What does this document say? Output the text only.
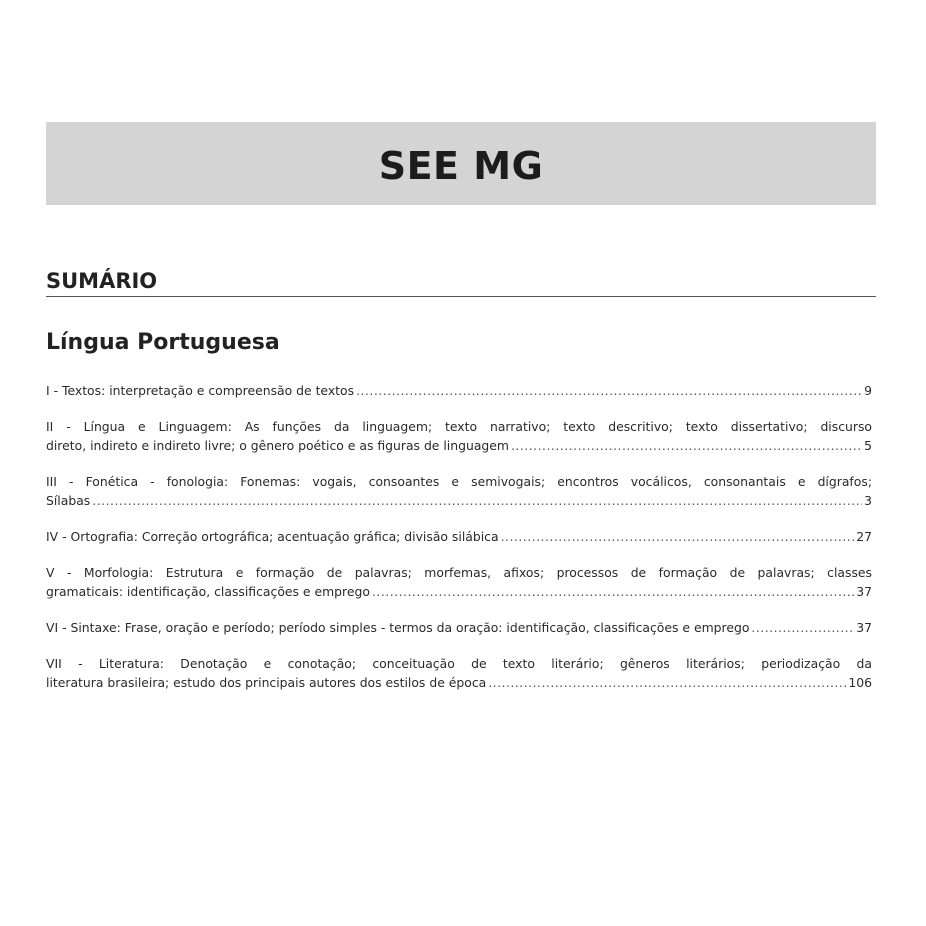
SEE MG
SUMÁRIO
Língua Portuguesa
I - Textos: interpretação e compreensão de textos .....	9
II - Língua e Linguagem: As funções da linguagem; texto narrativo; texto descritivo; texto dissertativo; discurso
direto, indireto e indireto livre; o gênero poético e as figuras de linguagem .....	5
III - Fonética - fonologia: Fonemas: vogais, consoantes e semivogais; encontros vocálicos, consonantais e dígrafos;
Sílabas .....	3
IV - Ortografia: Correção ortográfica; acentuação gráfica; divisão silábica .....	27
V - Morfologia: Estrutura e formação de palavras; morfemas, afixos; processos de formação de palavras; classes
gramaticais: identificação, classificações e emprego .....	37
VI - Sintaxe: Frase, oração e período; período simples - termos da oração: identificação, classificações e emprego .....	37
VII - Literatura: Denotação e conotação; conceituação de texto literário; gêneros literários; periodização da
literatura brasileira; estudo dos principais autores dos estilos de época .....	106
